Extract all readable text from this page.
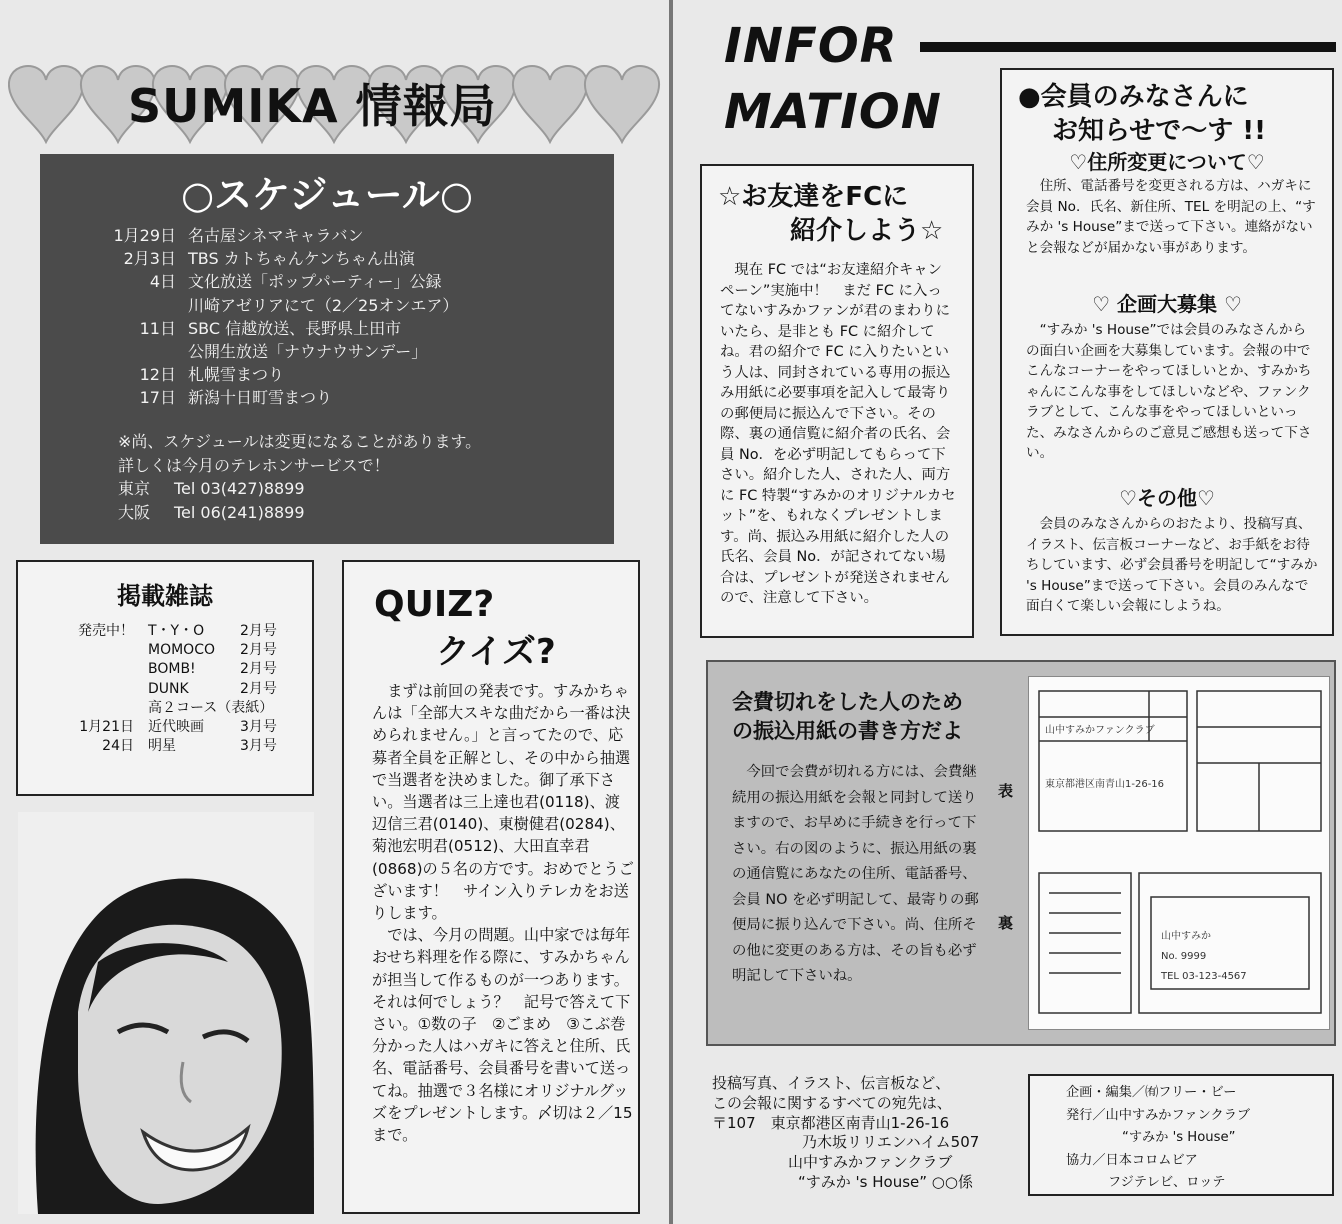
SUMIKA 情報局
○スケジュール○
1月29日 名古屋シネマキャラバン
2月3日 TBS カトちゃんケンちゃん出演
4日 文化放送「ポップパーティー」公録
川崎アゼリアにて（2／25オンエア）
11日 SBC 信越放送、長野県上田市
公開生放送「ナウナウサンデー」
12日 札幌雪まつり
17日 新潟十日町雪まつり
※尚、スケジュールは変更になることがあります。
詳しくは今月のテレホンサービスで！
東京	Tel 03(427)8899
大阪	Tel 06(241)8899
掲載雑誌
発売中！	T・Y・O	2月号
MOMOCO	2月号
BOMB!	2月号
DUNK	2月号
高２コース（表紙）
1月21日	近代映画	3月号
24日	明星	3月号
QUIZ?
クイズ?

まずは前回の発表です。すみかちゃんは「全部大スキな曲だから一番は決められません。」と言ってたので、応募者全員を正解とし、その中から抽選で当選者を決めました。御了承下さい。当選者は三上達也君(0118)、渡辺信三君(0140)、東樹健君(0284)、菊池宏明君(0512)、大田直幸君(0868)の５名の方です。おめでとうございます！　サイン入りテレカをお送りします。

では、今月の問題。山中家では毎年おせち料理を作る際に、すみかちゃんが担当して作るものが一つあります。それは何でしょう？　記号で答えて下さい。①数の子　②ごまめ　③こぶ巻　分かった人はハガキに答えと住所、氏名、電話番号、会員番号を書いて送ってね。抽選で３名様にオリジナルグッズをプレゼントします。〆切は２／15まで。

INFOR
MATION
☆お友達をFCに
紹介しよう☆
現在 FC では“お友達紹介キャンペーン”実施中！　まだ FC に入ってないすみかファンが君のまわりにいたら、是非とも FC に紹介してね。君の紹介で FC に入りたいという人は、同封されている専用の振込み用紙に必要事項を記入して最寄りの郵便局に振込んで下さい。その際、裏の通信覧に紹介者の氏名、会員 No．を必ず明記してもらって下さい。紹介した人、された人、両方に FC 特製“すみかのオリジナルカセット”を、もれなくプレゼントします。尚、振込み用紙に紹介した人の氏名、会員 No．が記されてない場合は、プレゼントが発送されませんので、注意して下さい。
●会員のみなさんに
お知らせで〜す !!
♡住所変更について♡
住所、電話番号を変更される方は、ハガキに会員 No．氏名、新住所、TEL を明記の上、“すみか 's House”まで送って下さい。連絡がないと会報などが届かない事があります。
♡ 企画大募集 ♡
“すみか 's House”では会員のみなさんからの面白い企画を大募集しています。会報の中でこんなコーナーをやってほしいとか、すみかちゃんにこんな事をしてほしいなどや、ファンクラブとして、こんな事をやってほしいといった、みなさんからのご意見ご感想も送って下さい。
♡その他♡
会員のみなさんからのおたより、投稿写真、イラスト、伝言板コーナーなど、お手紙をお待ちしています、必ず会員番号を明記して“すみか 's House”まで送って下さい。会員のみんなで面白くて楽しい会報にしようね。
会費切れをした人のため
の振込用紙の書き方だよ
今回で会費が切れる方には、会費継続用の振込用紙を会報と同封して送りますので、お早めに手続きを行って下さい。右の図のように、振込用紙の裏の通信覧にあなたの住所、電話番号、会員 NO を必ず明記して、最寄りの郵便局に振り込んで下さい。尚、住所その他に変更のある方は、その旨も必ず明記して下さいね。
表
裏
山中すみかファンクラブ
東京都港区南青山1-26-16
山中すみか
No. 9999
TEL 03-123-4567

投稿写真、イラスト、伝言板など、

この会報に関するすべての宛先は、

〒107　東京都港区南青山1-26-16

乃木坂リリエンハイム507

山中すみかファンクラブ

“すみか 's House” ○○係

企画・編集／㈲フリー・ビー

発行／山中すみかファンクラブ

“すみか 's House”

協力／日本コロムビア

フジテレビ、ロッテ
